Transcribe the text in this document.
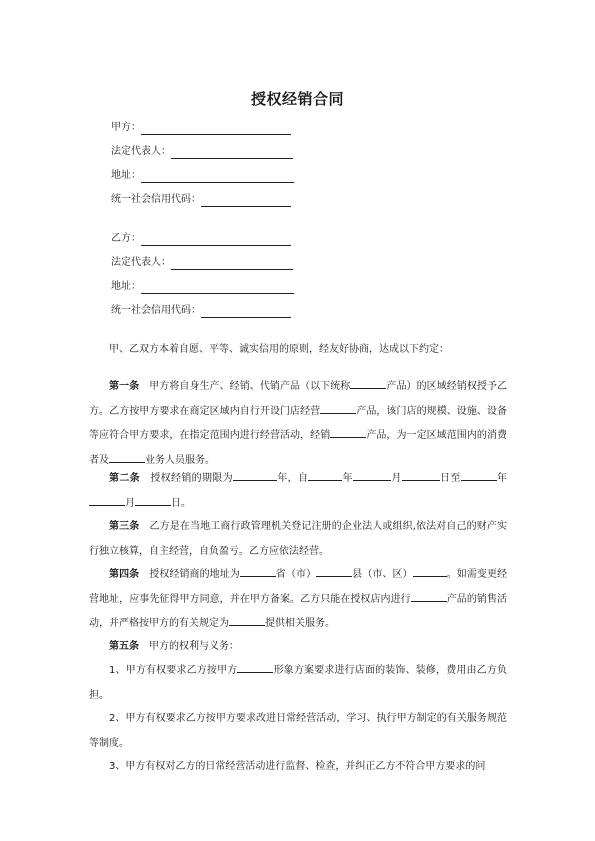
授权经销合同
甲方：
法定代表人：
地址：
统一社会信用代码：
乙方：
法定代表人：
地址：
统一社会信用代码：

甲、乙双方本着自愿、平等、诚实信用的原则，经友好协商，达成以下约定：

第一条　甲方将自身生产、经销、代销产品（以下统称	产品）的区域经销权授予乙方。乙方按甲方要求在商定区域内自行开设门店经营	产品，该门店的规模、设施、设备等应符合甲方要求，在指定范围内进行经营活动，经销	产品，为一定区域范围内的消费者及	业务人员服务。

第二条　授权经销的期限为	年，自	年	月	日至	年月	日。

第三条　乙方是在当地工商行政管理机关登记注册的企业法人或组织,依法对自己的财产实行独立核算，自主经营，自负盈亏。乙方应依法经营。

第四条　授权经销商的地址为	省（市）	县（市、区）	。如需变更经营地址，应事先征得甲方同意，并在甲方备案。乙方只能在授权店内进行	产品的销售活动，并严格按甲方的有关规定为	提供相关服务。

第五条　甲方的权利与义务：

1、甲方有权要求乙方按甲方	形象方案要求进行店面的装饰、装修，费用由乙方负担。

2、甲方有权要求乙方按甲方要求改进日常经营活动，学习、执行甲方制定的有关服务规范等制度。

3、甲方有权对乙方的日常经营活动进行监督、检查，并纠正乙方不符合甲方要求的问
